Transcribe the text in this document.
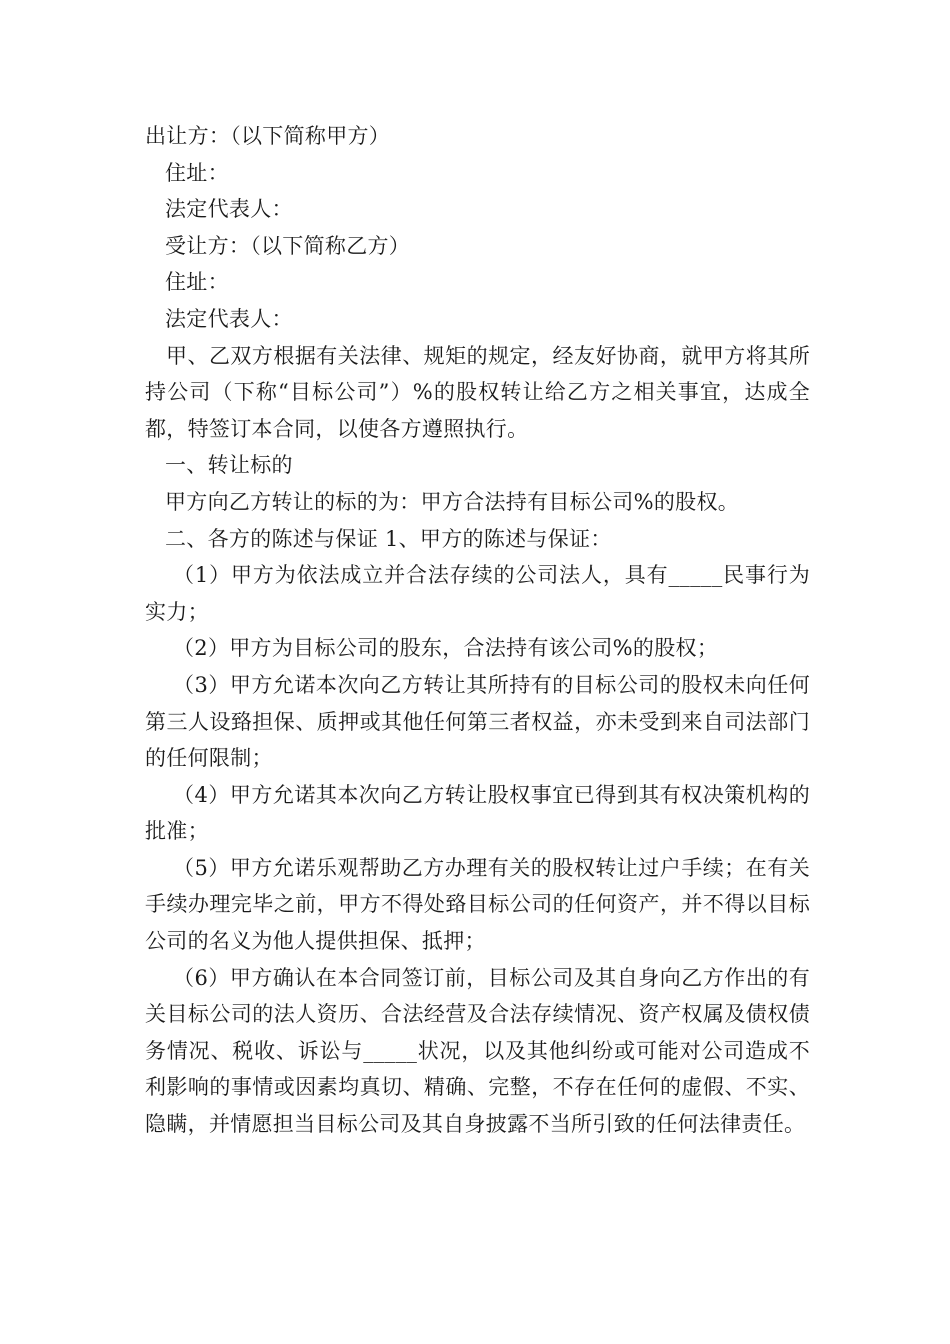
出让方：（以下简称甲方）

住址：

法定代表人：

受让方：（以下简称乙方）

住址：

法定代表人：

甲、乙双方根据有关法律、规矩的规定，经友好协商，就甲方将其所持公司（下称“目标公司”）%的股权转让给乙方之相关事宜，达成全都，特签订本合同，以使各方遵照执行。

一、转让标的

甲方向乙方转让的标的为：甲方合法持有目标公司%的股权。

二、各方的陈述与保证 1、甲方的陈述与保证：

（1）甲方为依法成立并合法存续的公司法人，具有_____民事行为实力；

（2）甲方为目标公司的股东，合法持有该公司%的股权；

（3）甲方允诺本次向乙方转让其所持有的目标公司的股权未向任何第三人设臵担保、质押或其他任何第三者权益，亦未受到来自司法部门的任何限制；

（4）甲方允诺其本次向乙方转让股权事宜已得到其有权决策机构的批准；

（5）甲方允诺乐观帮助乙方办理有关的股权转让过户手续；在有关手续办理完毕之前，甲方不得处臵目标公司的任何资产，并不得以目标公司的名义为他人提供担保、抵押；

（6）甲方确认在本合同签订前，目标公司及其自身向乙方作出的有关目标公司的法人资历、合法经营及合法存续情况、资产权属及债权债务情况、税收、诉讼与_____状况，以及其他纠纷或可能对公司造成不利影响的事情或因素均真切、精确、完整，不存在任何的虚假、不实、隐瞒，并情愿担当目标公司及其自身披露不当所引致的任何法律责任。
